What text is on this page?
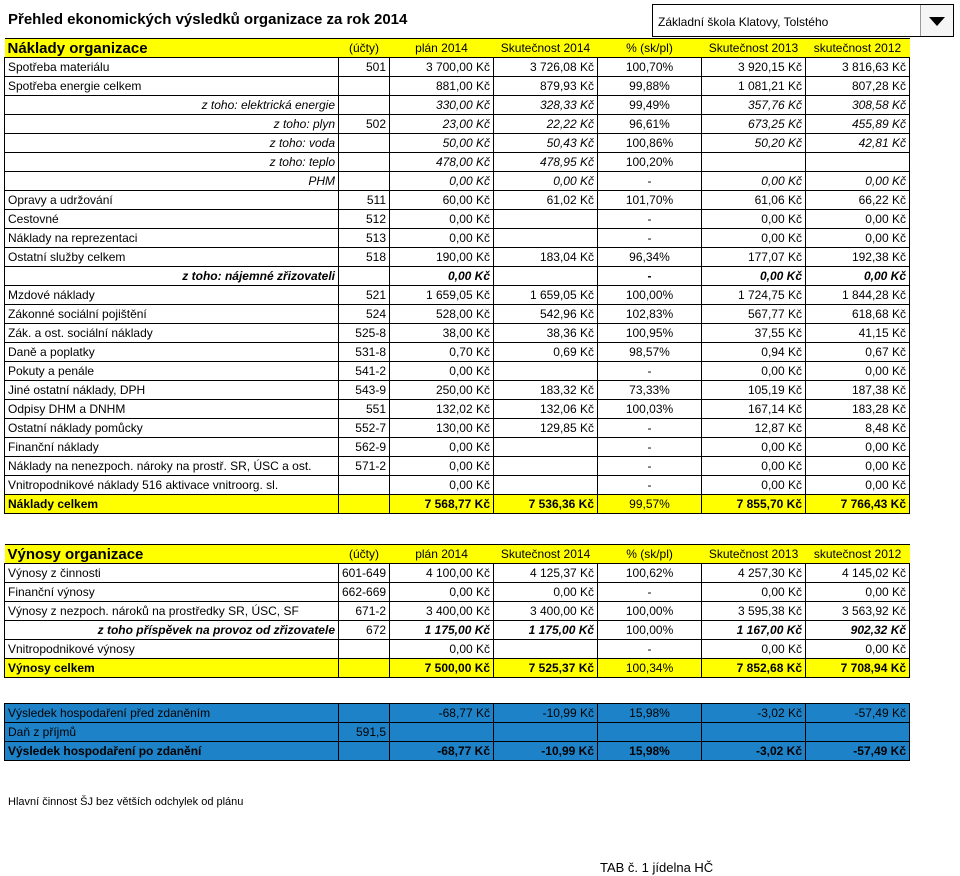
Přehled ekonomických výsledků organizace za rok 2014	Základní škola Klatovy, Tolstého
Náklady organizace	(účty)	plán 2014	Skutečnost 2014	% (sk/pl)	Skutečnost 2013	skutečnost 2012
Spotřeba materiálu	501	3 700,00 Kč	3 726,08 Kč	100,70%	3 920,15 Kč	3 816,63 Kč
Spotřeba energie celkem		881,00 Kč	879,93 Kč	99,88%	1 081,21 Kč	807,28 Kč
z toho: elektrická energie		330,00 Kč	328,33 Kč	99,49%	357,76 Kč	308,58 Kč
z toho: plyn	502	23,00 Kč	22,22 Kč	96,61%	673,25 Kč	455,89 Kč
z toho: voda		50,00 Kč	50,43 Kč	100,86%	50,20 Kč	42,81 Kč
z toho: teplo		478,00 Kč	478,95 Kč	100,20%		
PHM		0,00 Kč	0,00 Kč	-	0,00 Kč	0,00 Kč
Opravy a udržování	511	60,00 Kč	61,02 Kč	101,70%	61,06 Kč	66,22 Kč
Cestovné	512	0,00 Kč		-	0,00 Kč	0,00 Kč
Náklady na reprezentaci	513	0,00 Kč		-	0,00 Kč	0,00 Kč
Ostatní služby celkem	518	190,00 Kč	183,04 Kč	96,34%	177,07 Kč	192,38 Kč
z toho: nájemné zřizovateli		0,00 Kč		-	0,00 Kč	0,00 Kč
Mzdové náklady	521	1 659,05 Kč	1 659,05 Kč	100,00%	1 724,75 Kč	1 844,28 Kč
Zákonné sociální pojištění	524	528,00 Kč	542,96 Kč	102,83%	567,77 Kč	618,68 Kč
Zák. a ost. sociální náklady	525-8	38,00 Kč	38,36 Kč	100,95%	37,55 Kč	41,15 Kč
Daně a poplatky	531-8	0,70 Kč	0,69 Kč	98,57%	0,94 Kč	0,67 Kč
Pokuty a penále	541-2	0,00 Kč		-	0,00 Kč	0,00 Kč
Jiné ostatní náklady, DPH	543-9	250,00 Kč	183,32 Kč	73,33%	105,19 Kč	187,38 Kč
Odpisy DHM a DNHM	551	132,02 Kč	132,06 Kč	100,03%	167,14 Kč	183,28 Kč
Ostatní náklady pomůcky	552-7	130,00 Kč	129,85 Kč	-	12,87 Kč	8,48 Kč
Finanční náklady	562-9	0,00 Kč		-	0,00 Kč	0,00 Kč
Náklady na nenezpoch. nároky na prostř. SR, ÚSC a ost.	571-2	0,00 Kč		-	0,00 Kč	0,00 Kč
Vnitropodnikové náklady 516 aktivace vnitroorg. sl.		0,00 Kč		-	0,00 Kč	0,00 Kč
Náklady celkem		7 568,77 Kč	7 536,36 Kč	99,57%	7 855,70 Kč	7 766,43 Kč
Výnosy organizace	(účty)	plán 2014	Skutečnost 2014	% (sk/pl)	Skutečnost 2013	skutečnost 2012
Výnosy z činnosti	601-649	4 100,00 Kč	4 125,37 Kč	100,62%	4 257,30 Kč	4 145,02 Kč
Finanční výnosy	662-669	0,00 Kč	0,00 Kč	-	0,00 Kč	0,00 Kč
Výnosy z nezpoch. nároků na prostředky SR, ÚSC, SF	671-2	3 400,00 Kč	3 400,00 Kč	100,00%	3 595,38 Kč	3 563,92 Kč
z toho příspěvek na provoz od zřizovatele	672	1 175,00 Kč	1 175,00 Kč	100,00%	1 167,00 Kč	902,32 Kč
Vnitropodnikové výnosy		0,00 Kč		-	0,00 Kč	0,00 Kč
Výnosy celkem		7 500,00 Kč	7 525,37 Kč	100,34%	7 852,68 Kč	7 708,94 Kč
Výsledek hospodaření před zdaněním		-68,77 Kč	-10,99 Kč	15,98%	-3,02 Kč	-57,49 Kč
Daň z příjmů	591,5					
Výsledek hospodaření po zdanění		-68,77 Kč	-10,99 Kč	15,98%	-3,02 Kč	-57,49 Kč
Hlavní činnost ŠJ bez větších odchylek od plánu
TAB č. 1 jídelna HČ
